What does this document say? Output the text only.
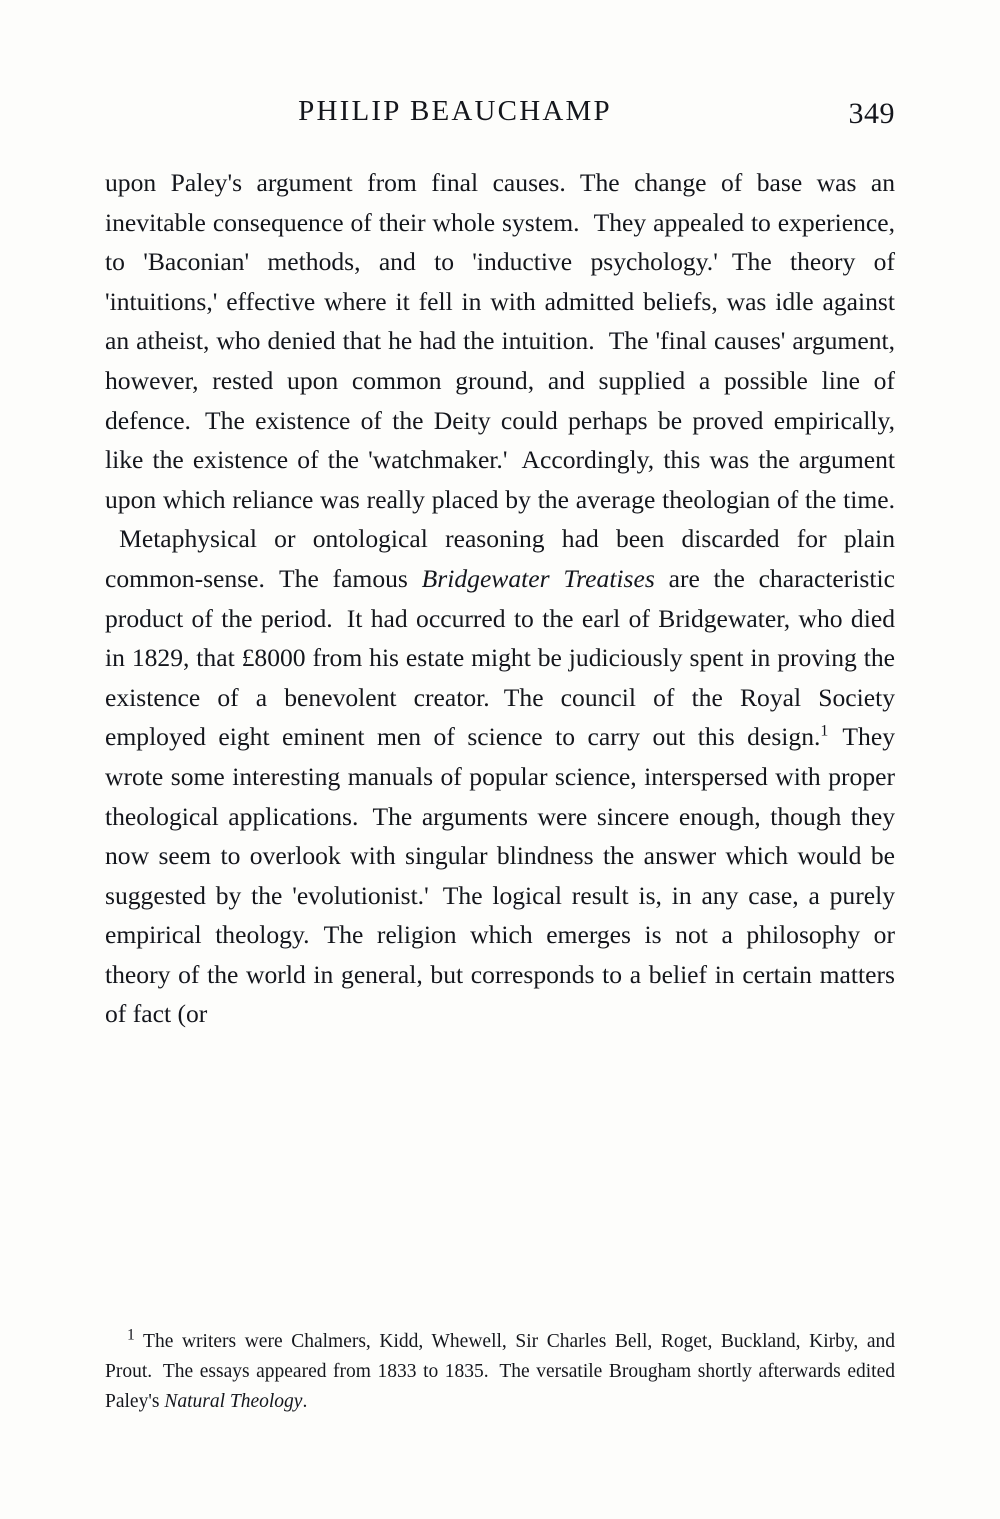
PHILIP BEAUCHAMP	349

upon Paley's argument from final causes. The change of base was an inevitable consequence of their whole system. They appealed to experience, to 'Baconian' methods, and to 'inductive psychology.' The theory of 'intuitions,' effective where it fell in with admitted beliefs, was idle against an atheist, who denied that he had the intuition. The 'final causes' argument, however, rested upon common ground, and supplied a possible line of defence. The existence of the Deity could perhaps be proved empirically, like the existence of the 'watchmaker.' Accordingly, this was the argument upon which reliance was really placed by the average theologian of the time.Metaphysical or ontological reasoning had been discarded for plain common-sense. The famous Bridgewater Treatises are the characteristic product of the period. It had occurred to the earl of Bridgewater, who died in 1829, that £8000 from his estate might be judiciously spent in proving the existence of a benevolent creator. The council of the Royal Society employed eight eminent men of science to carry out this design.$^1$ They wrote some interesting manuals of popular science, interspersed with proper theological applications. The arguments were sincere enough, though they now seem to overlook with singular blindness the answer which would be suggested by the 'evolutionist.' The logical result is, in any case, a purely empirical theology. The religion which emerges is not a philosophy or theory of the world in general, but corresponds to a belief in certain matters of fact (or

$^1$ The writers were Chalmers, Kidd, Whewell, Sir Charles Bell, Roget, Buckland, Kirby, and Prout. The essays appeared from 1833 to 1835. The versatile Brougham shortly afterwards edited Paley's Natural Theology.
